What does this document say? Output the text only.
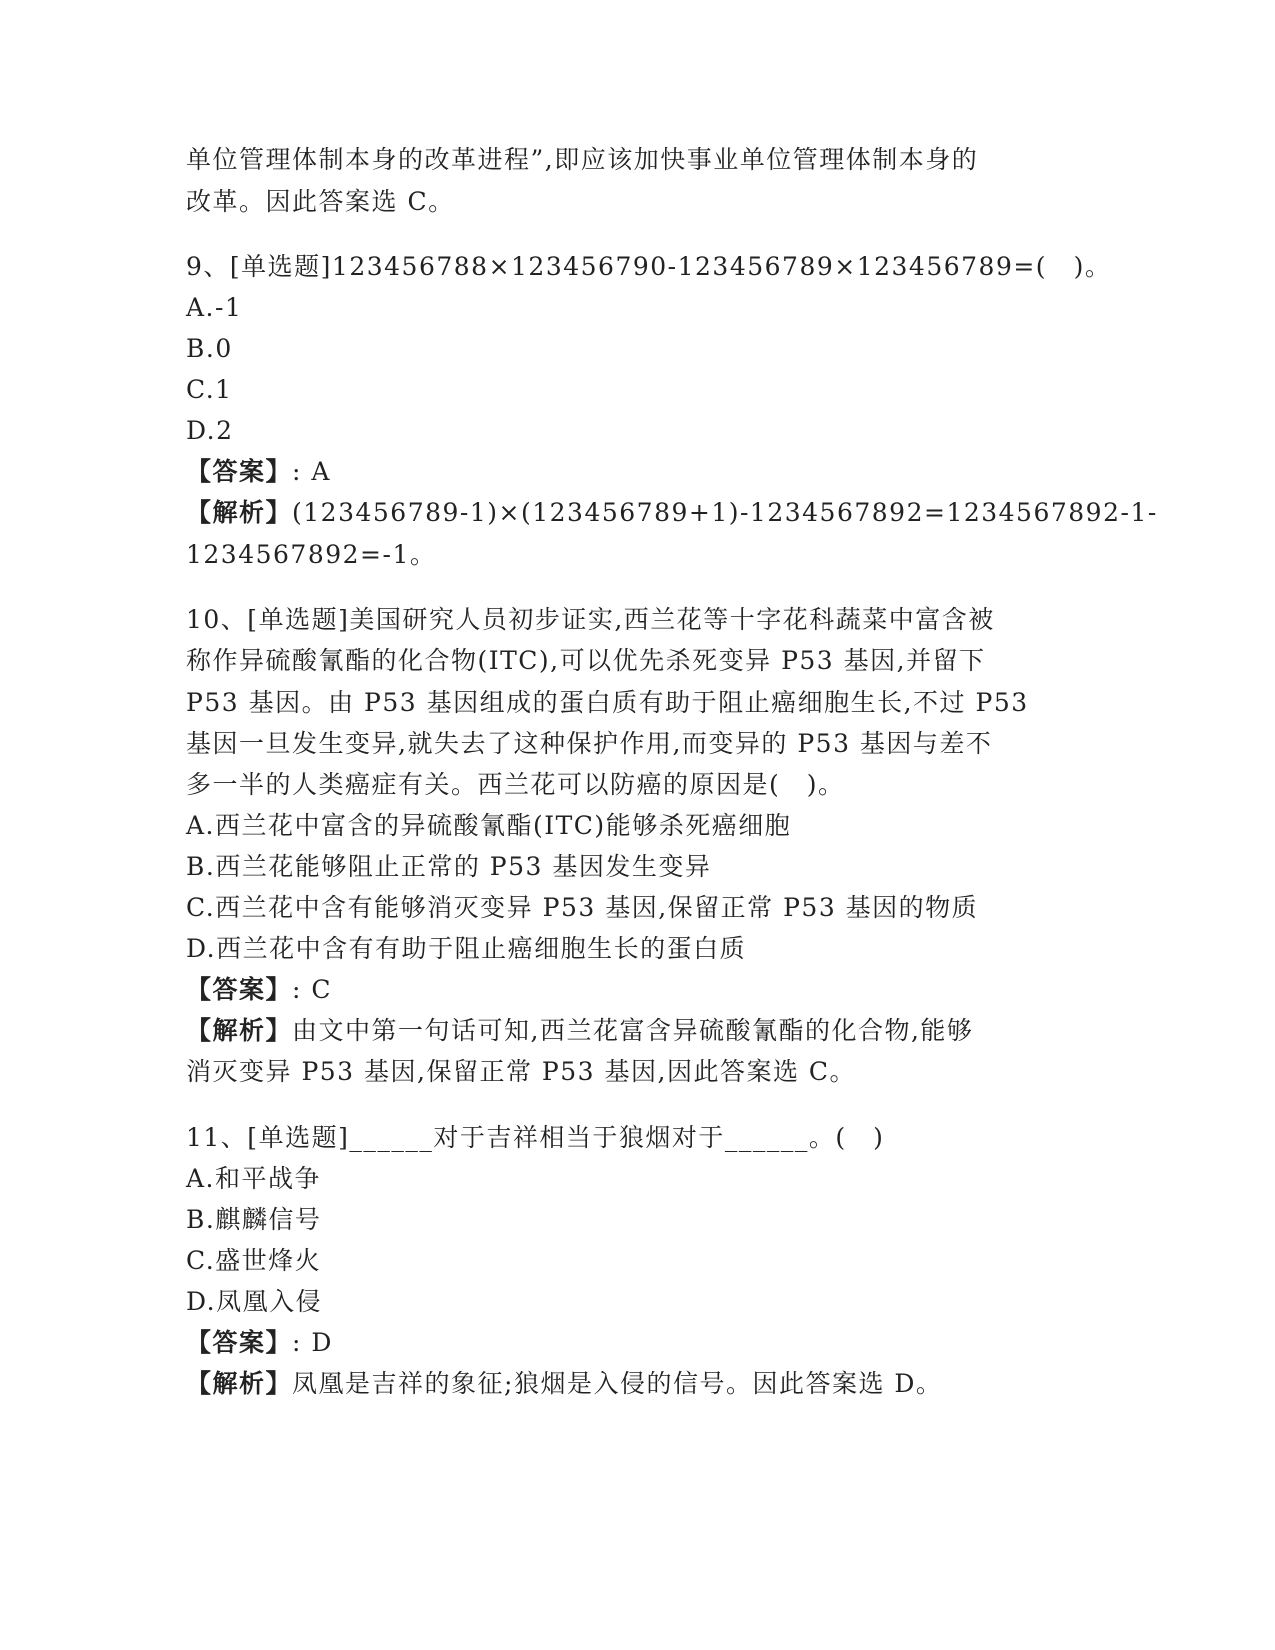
单位管理体制本身的改革进程”,即应该加快事业单位管理体制本身的
改革。因此答案选 C。
9、[单选题]123456788×123456790-123456789×123456789=(　)。
A.-1
B.0
C.1
D.2
【答案】: A
【解析】(123456789-1)×(123456789+1)-1234567892=1234567892-1-
1234567892=-1。
10、[单选题]美国研究人员初步证实,西兰花等十字花科蔬菜中富含被
称作异硫酸氰酯的化合物(ITC),可以优先杀死变异 P53 基因,并留下
P53 基因。由 P53 基因组成的蛋白质有助于阻止癌细胞生长,不过 P53
基因一旦发生变异,就失去了这种保护作用,而变异的 P53 基因与差不
多一半的人类癌症有关。西兰花可以防癌的原因是(　)。
A.西兰花中富含的异硫酸氰酯(ITC)能够杀死癌细胞
B.西兰花能够阻止正常的 P53 基因发生变异
C.西兰花中含有能够消灭变异 P53 基因,保留正常 P53 基因的物质
D.西兰花中含有有助于阻止癌细胞生长的蛋白质
【答案】: C
【解析】由文中第一句话可知,西兰花富含异硫酸氰酯的化合物,能够
消灭变异 P53 基因,保留正常 P53 基因,因此答案选 C。
11、[单选题]______对于吉祥相当于狼烟对于______。(　)
A.和平战争
B.麒麟信号
C.盛世烽火
D.凤凰入侵
【答案】: D
【解析】凤凰是吉祥的象征;狼烟是入侵的信号。因此答案选 D。
